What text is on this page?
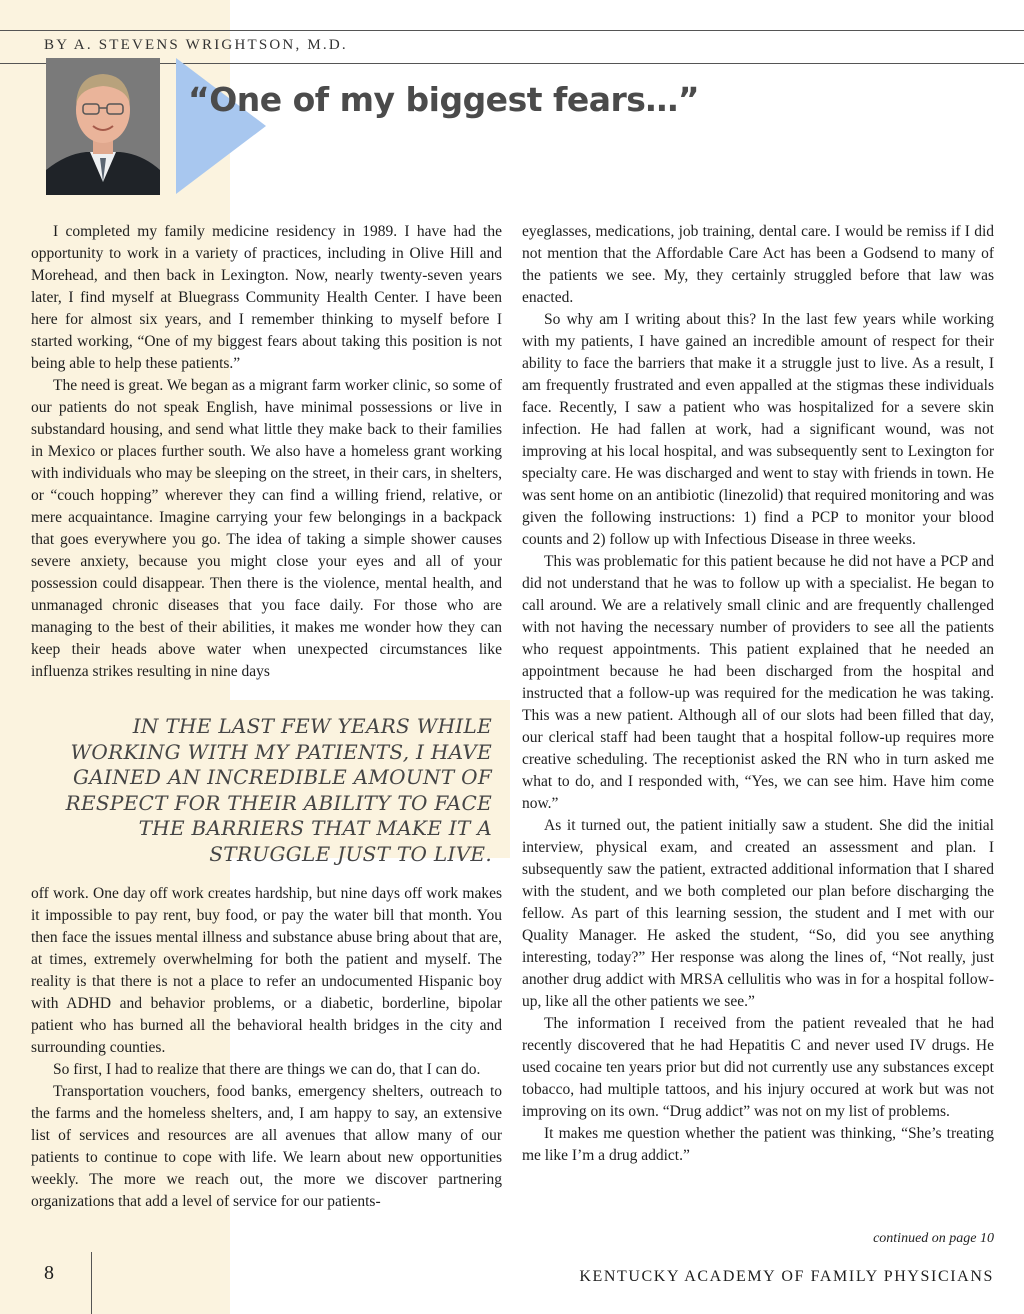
BY A. STEVENS WRIGHTSON, M.D.
“One of my biggest fears…”

I completed my family medicine residency in 1989. I have had the opportunity to work in a variety of practices, including in Olive Hill and Morehead, and then back in Lexington. Now, nearly twenty-seven years later, I find myself at Bluegrass Community Health Center. I have been here for almost six years, and I remember thinking to myself before I started working, “One of my biggest fears about taking this position is not being able to help these patients.”

The need is great. We began as a migrant farm worker clinic, so some of our patients do not speak English, have minimal possessions or live in substandard housing, and send what little they make back to their families in Mexico or places further south. We also have a homeless grant working with individuals who may be sleeping on the street, in their cars, in shelters, or “couch hopping” wherever they can find a willing friend, relative, or mere acquaintance. Imagine carrying your few belongings in a backpack that goes everywhere you go. The idea of taking a simple shower causes severe anxiety, because you might close your eyes and all of your possession could disappear. Then there is the violence, mental health, and unmanaged chronic diseases that you face daily. For those who are managing to the best of their abilities, it makes me wonder how they can keep their heads above water when unexpected circumstances like influenza strikes resulting in nine days

IN THE LAST FEW YEARS WHILE WORKING WITH MY PATIENTS, I HAVE GAINED AN INCREDIBLE AMOUNT OF RESPECT FOR THEIR ABILITY TO FACE THE BARRIERS THAT MAKE IT A STRUGGLE JUST TO LIVE.

off work. One day off work creates hardship, but nine days off work makes it impossible to pay rent, buy food, or pay the water bill that month. You then face the issues mental illness and substance abuse bring about that are, at times, extremely overwhelming for both the patient and myself. The reality is that there is not a place to refer an undocumented Hispanic boy with ADHD and behavior problems, or a diabetic, borderline, bipolar patient who has burned all the behavioral health bridges in the city and surrounding counties.

So first, I had to realize that there are things we can do, that I can do.

Transportation vouchers, food banks, emergency shelters, outreach to the farms and the homeless shelters, and, I am happy to say, an extensive list of services and resources are all avenues that allow many of our patients to continue to cope with life. We learn about new opportunities weekly. The more we reach out, the more we discover partnering organizations that add a level of service for our patients-

eyeglasses, medications, job training, dental care. I would be remiss if I did not mention that the Affordable Care Act has been a Godsend to many of the patients we see. My, they certainly struggled before that law was enacted.

So why am I writing about this? In the last few years while working with my patients, I have gained an incredible amount of respect for their ability to face the barriers that make it a struggle just to live. As a result, I am frequently frustrated and even appalled at the stigmas these individuals face. Recently, I saw a patient who was hospitalized for a severe skin infection. He had fallen at work, had a significant wound, was not improving at his local hospital, and was subsequently sent to Lexington for specialty care. He was discharged and went to stay with friends in town. He was sent home on an antibiotic (linezolid) that required monitoring and was given the following instructions: 1) find a PCP to monitor your blood counts and 2) follow up with Infectious Disease in three weeks.

This was problematic for this patient because he did not have a PCP and did not understand that he was to follow up with a specialist. He began to call around. We are a relatively small clinic and are frequently challenged with not having the necessary number of providers to see all the patients who request appointments. This patient explained that he needed an appointment because he had been discharged from the hospital and instructed that a follow-up was required for the medication he was taking. This was a new patient. Although all of our slots had been filled that day, our clerical staff had been taught that a hospital follow-up requires more creative scheduling. The receptionist asked the RN who in turn asked me what to do, and I responded with, “Yes, we can see him. Have him come now.”

As it turned out, the patient initially saw a student. She did the initial interview, physical exam, and created an assessment and plan. I subsequently saw the patient, extracted additional information that I shared with the student, and we both completed our plan before discharging the fellow. As part of this learning session, the student and I met with our Quality Manager. He asked the student, “So, did you see anything interesting, today?” Her response was along the lines of, “Not really, just another drug addict with MRSA cellulitis who was in for a hospital follow-up, like all the other patients we see.”

The information I received from the patient revealed that he had recently discovered that he had Hepatitis C and never used IV drugs. He used cocaine ten years prior but did not currently use any substances except tobacco, had multiple tattoos, and his injury occured at work but was not improving on its own. “Drug addict” was not on my list of problems.

It makes me question whether the patient was thinking, “She’s treating me like I’m a drug addict.”

continued on page 10
8	KENTUCKY ACADEMY OF FAMILY PHYSICIANS
